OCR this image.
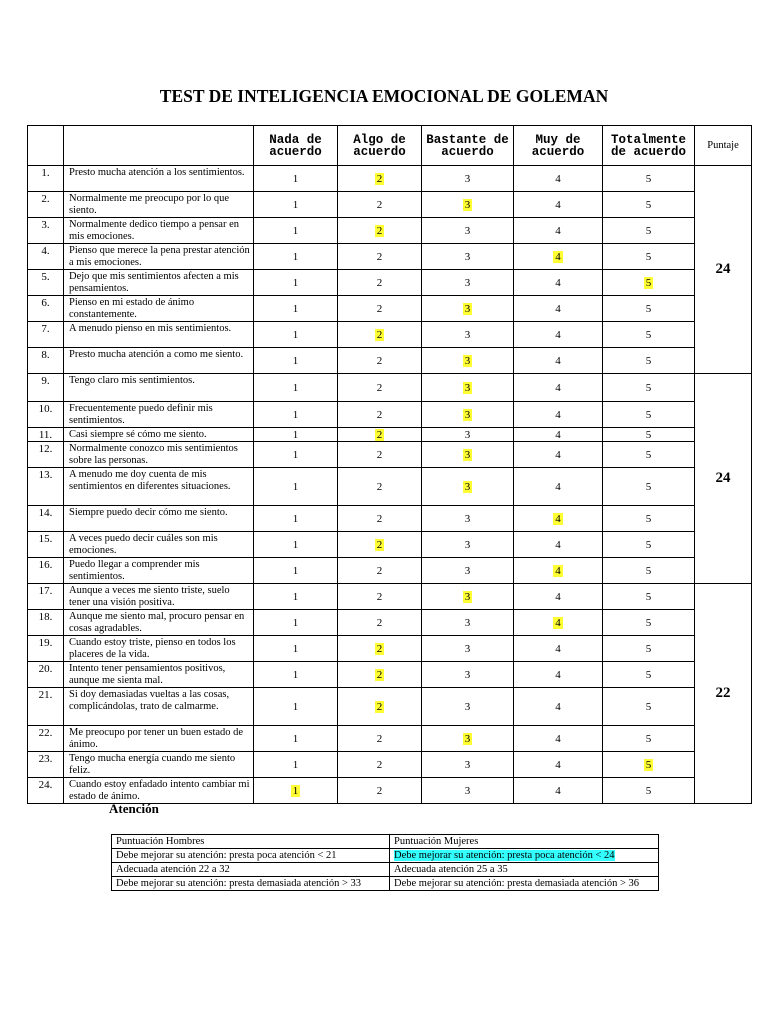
TEST DE INTELIGENCIA EMOCIONAL DE GOLEMAN
		Nada de acuerdo	Algo de acuerdo	Bastante de acuerdo	Muy de acuerdo	Totalmente de acuerdo	Puntaje
1.	Presto mucha atención a los sentimientos.	1	2	3	4	5	24
2.	Normalmente me preocupo por lo que siento.	1	2	3	4	5	
3.	Normalmente dedico tiempo a pensar en mis emociones.	1	2	3	4	5	
4.	Pienso que merece la pena prestar atención a mis emociones.	1	2	3	4	5	
5.	Dejo que mis sentimientos afecten a mis pensamientos.	1	2	3	4	5	
6.	Pienso en mi estado de ánimo constantemente.	1	2	3	4	5	
7.	A menudo pienso en mis sentimientos.	1	2	3	4	5	
8.	Presto mucha atención a como me siento.	1	2	3	4	5	
9.	Tengo claro mis sentimientos.	1	2	3	4	5	24
10.	Frecuentemente puedo definir mis sentimientos.	1	2	3	4	5	
11.	Casi siempre sé cómo me siento.	1	2	3	4	5	
12.	Normalmente conozco mis sentimientos sobre las personas.	1	2	3	4	5	
13.	A menudo me doy cuenta de mis sentimientos en diferentes situaciones.	1	2	3	4	5	
14.	Siempre puedo decir cómo me siento.	1	2	3	4	5	
15.	A veces puedo decir cuáles son mis emociones.	1	2	3	4	5	
16.	Puedo llegar a comprender mis sentimientos.	1	2	3	4	5	
17.	Aunque a veces me siento triste, suelo tener una visión positiva.	1	2	3	4	5	22
18.	Aunque me siento mal, procuro pensar en cosas agradables.	1	2	3	4	5	
19.	Cuando estoy triste, pienso en todos los placeres de la vida.	1	2	3	4	5	
20.	Intento tener pensamientos positivos, aunque me sienta mal.	1	2	3	4	5	
21.	Si doy demasiadas vueltas a las cosas, complicándolas, trato de calmarme.	1	2	3	4	5	
22.	Me preocupo por tener un buen estado de ánimo.	1	2	3	4	5	
23.	Tengo mucha energía cuando me siento feliz.	1	2	3	4	5	
24.	Cuando estoy enfadado intento cambiar mi estado de ánimo.	1	2	3	4	5	
Atención
Puntuación Hombres	Puntuación Mujeres
Debe mejorar su atención: presta poca atención < 21	Debe mejorar su atención: presta poca atención < 24
Adecuada atención 22 a 32	Adecuada atención 25 a 35
Debe mejorar su atención: presta demasiada atención > 33	Debe mejorar su atención: presta demasiada atención > 36
